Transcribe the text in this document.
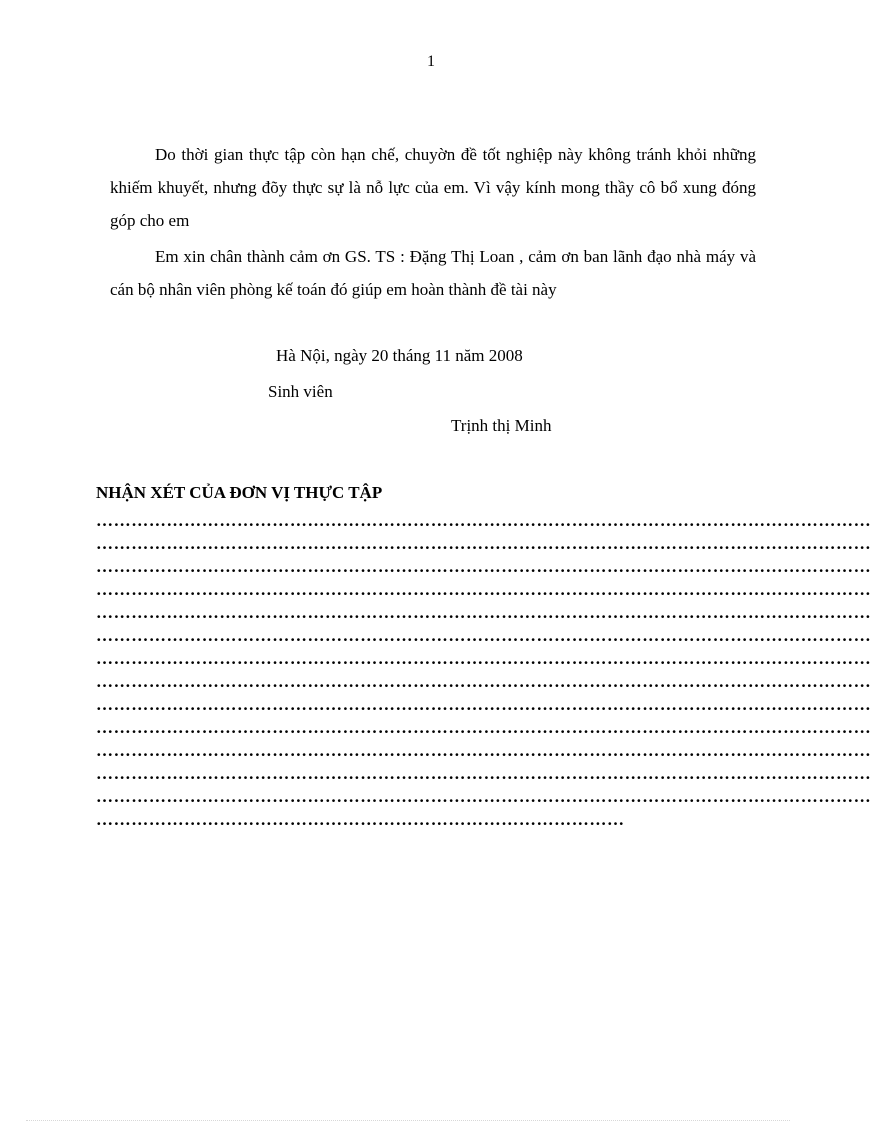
1

Do thời gian thực tập còn hạn chế, chuyờn đề tốt nghiệp này không tránh khỏi những khiếm khuyết, nhưng đõy thực sự là nỗ lực của em. Vì vậy kính mong thầy cô bổ xung đóng góp cho em

Em xin chân thành cảm ơn GS. TS : Đặng Thị Loan , cảm ơn ban lãnh đạo nhà máy và cán bộ nhân viên phòng kế toán đó giúp em hoàn thành đề tài này

Hà Nội, ngày 20 tháng 11 năm 2008
Sinh viên
Trịnh thị Minh
NHẬN XÉT CỦA ĐƠN VỊ THỰC TẬP
……………………………………………………………………………………………………………………
……………………………………………………………………………………………………………………
……………………………………………………………………………………………………………………
……………………………………………………………………………………………………………………
……………………………………………………………………………………………………………………
……………………………………………………………………………………………………………………
……………………………………………………………………………………………………………………
……………………………………………………………………………………………………………………
……………………………………………………………………………………………………………………
……………………………………………………………………………………………………………………
……………………………………………………………………………………………………………………
……………………………………………………………………………………………………………………
……………………………………………………………………………………………………………………
………………………………………………………………………………
